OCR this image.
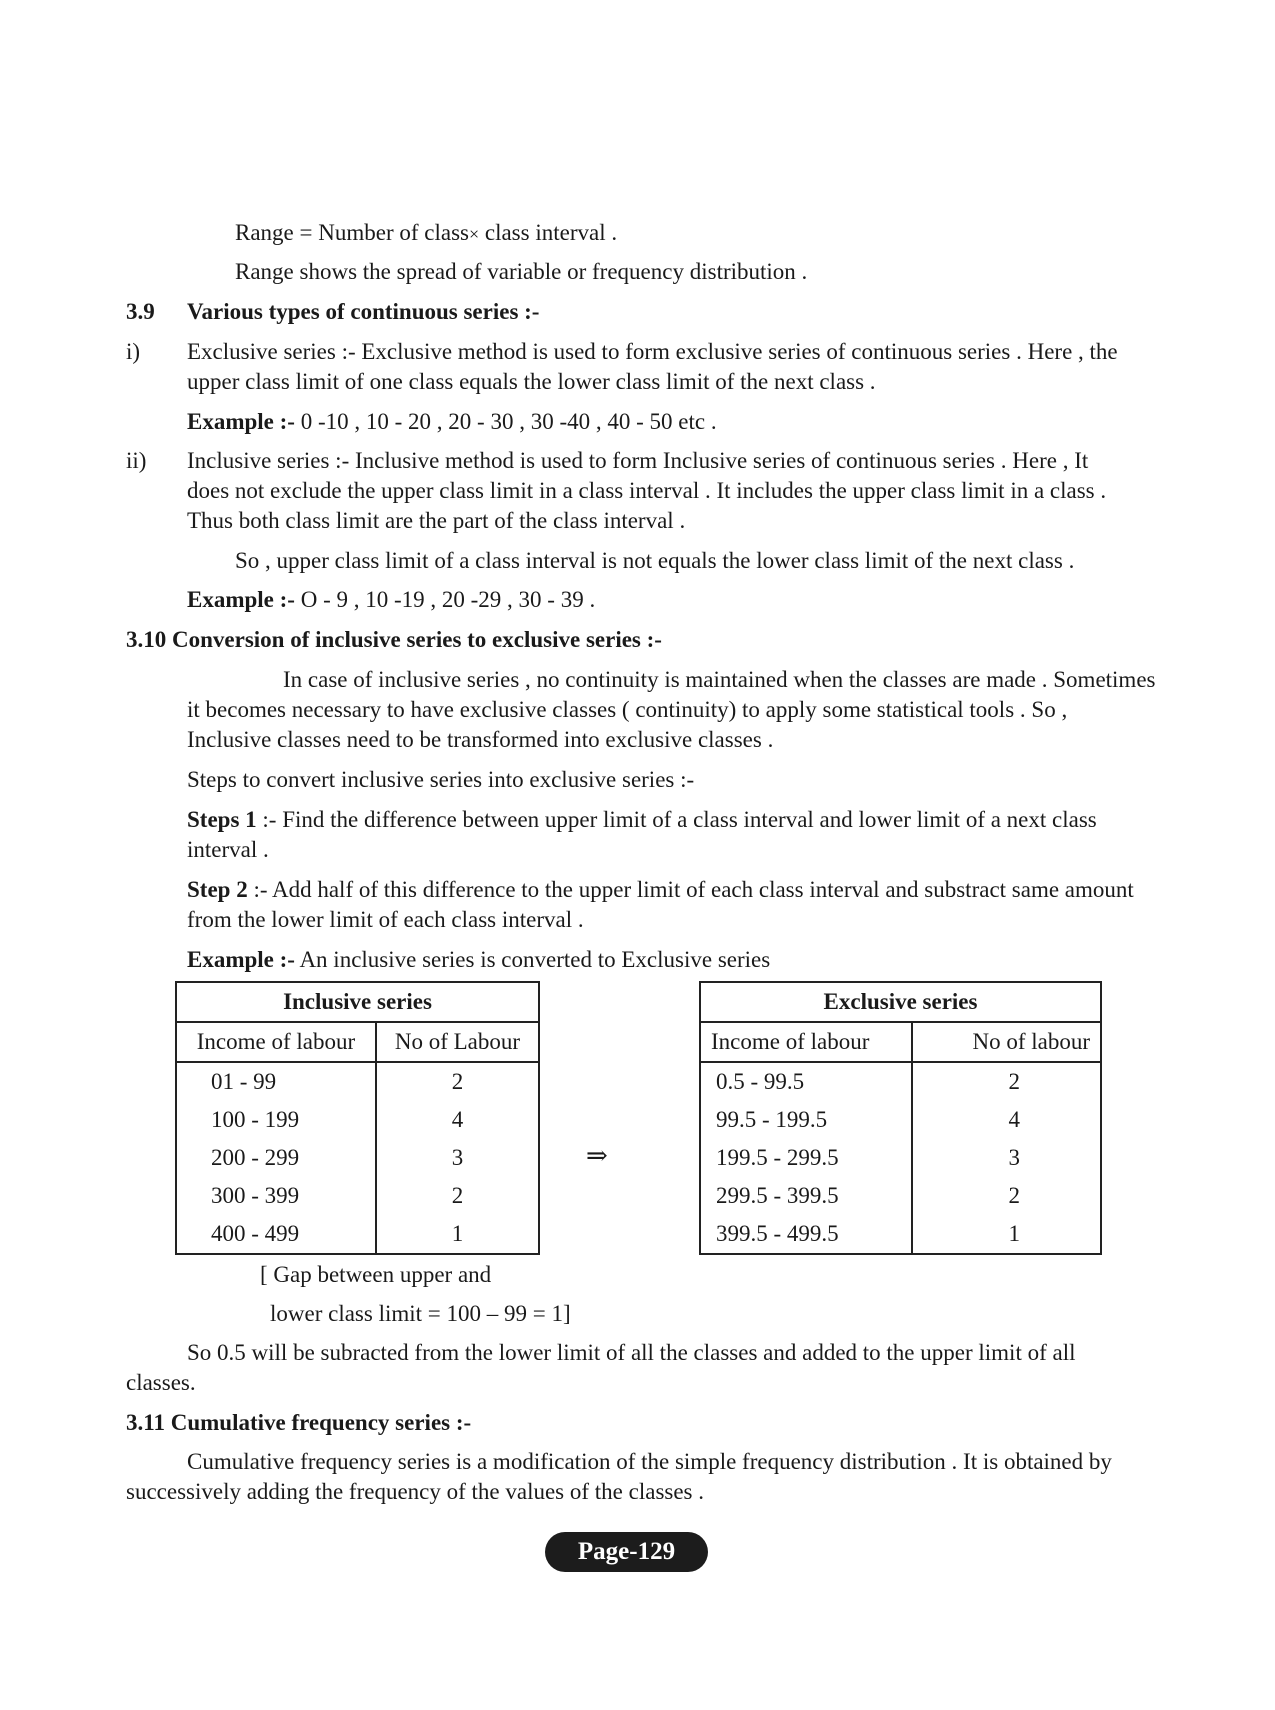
Range = Number of class× class interval .
Range shows the spread of variable or frequency distribution .
3.9 Various types of continuous series :-
i) Exclusive series :- Exclusive method is used to form exclusive series of continuous series . Here , the
upper class limit of one class equals the lower class limit of the next class .
Example :- 0 -10 , 10 - 20 , 20 - 30 , 30 -40 , 40 - 50 etc .
ii) Inclusive series :- Inclusive method is used to form Inclusive series of continuous series . Here , It
does not exclude the upper class limit in a class interval . It includes the upper class limit in a class .
Thus both class limit are the part of the class interval .
So , upper class limit of a class interval is not equals the lower class limit of the next class .
Example :- O - 9 , 10 -19 , 20 -29 , 30 - 39 .
3.10 Conversion of inclusive series to exclusive series :-
In case of inclusive series , no continuity is maintained when the classes are made . Sometimes
it becomes necessary to have exclusive classes ( continuity) to apply some statistical tools . So ,
Inclusive classes need to be transformed into exclusive classes .
Steps to convert inclusive series into exclusive series :-
Steps 1 :- Find the difference between upper limit of a class interval and lower limit of a next class
interval .
Step 2 :- Add half of this difference to the upper limit of each class interval and substract same amount
from the lower limit of each class interval .
Example :- An inclusive series is converted to Exclusive series
Inclusive series	
Income of labour	No of Labour
01 - 99	2
100 - 199	4
200 - 299	3
300 - 399	2
400 - 499	1
⇒
Exclusive series	
Income of labour	No of labour
0.5 - 99.5	2
99.5 - 199.5	4
199.5 - 299.5	3
299.5 - 399.5	2
399.5 - 499.5	1
[ Gap between upper and
lower class limit = 100 – 99 = 1]
So 0.5 will be subracted from the lower limit of all the classes and added to the upper limit of all
classes.
3.11 Cumulative frequency series :-
Cumulative frequency series is a modification of the simple frequency distribution . It is obtained by
successively adding the frequency of the values of the classes .
Page-129
